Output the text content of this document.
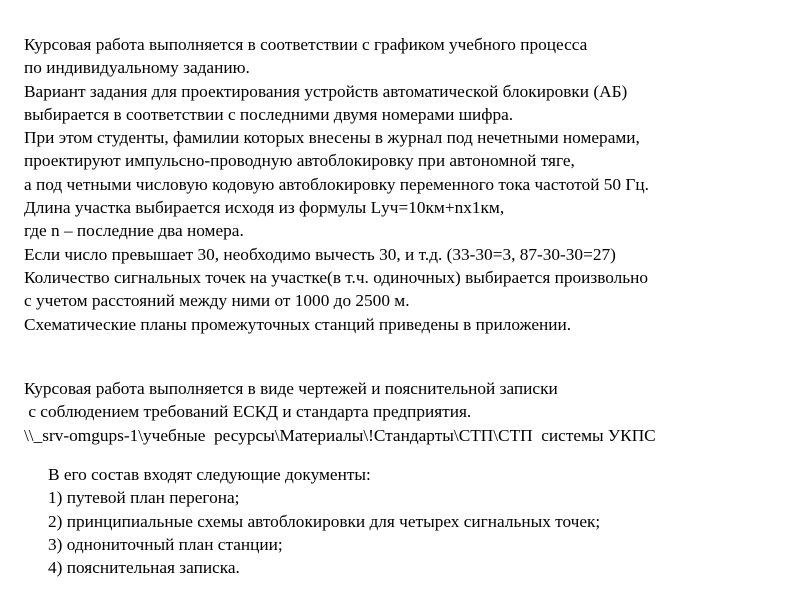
Курсовая работа выполняется в соответствии с графиком учебного процесса
по индивидуальному заданию.
Вариант задания для проектирования устройств автоматической блокировки (АБ)
выбирается в соответствии с последними двумя номерами шифра.
При этом студенты, фамилии которых внесены в журнал под нечетными номерами,
проектируют импульсно-проводную автоблокировку при автономной тяге,
а под четными числовую кодовую автоблокировку переменного тока частотой 50 Гц.
Длина участка выбирается исходя из формулы Lуч=10км+nх1км,
где n – последние два номера.
Если число превышает 30, необходимо вычесть 30, и т.д. (33-30=3, 87-30-30=27)
Количество сигнальных точек на участке(в т.ч. одиночных) выбирается произвольно
с учетом расстояний между ними от 1000 до 2500 м.
Схематические планы промежуточных станций приведены в приложении.
Курсовая работа выполняется в виде чертежей и пояснительной записки
с соблюдением требований ЕСКД и стандарта предприятия.
\\_srv-omgups-1\учебные  ресурсы\Материалы\!Стандарты\СТП\СТП  системы УКПС
В его состав входят следующие документы:
1) путевой план перегона;
2) принципиальные схемы автоблокировки для четырех сигнальных точек;
3) однониточный план станции;
4) пояснительная записка.
